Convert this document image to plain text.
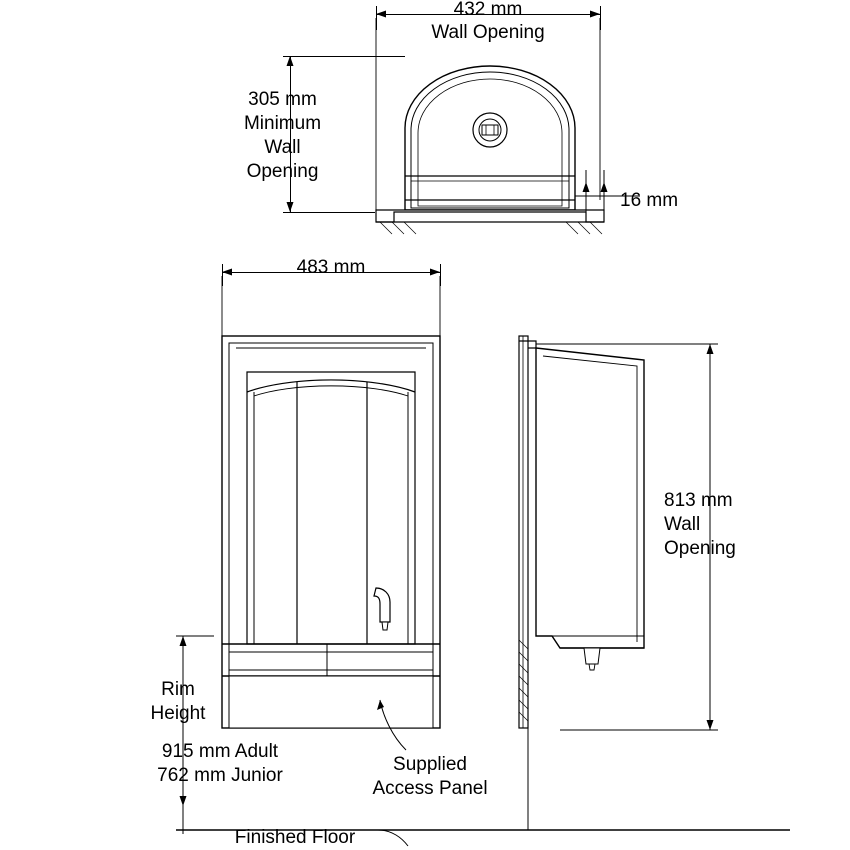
432 mm
Wall Opening
305 mm
Minimum
Wall
Opening
16 mm
483 mm
Rim
Height
915 mm Adult
762 mm Junior
Supplied
Access Panel
Finished Floor
813 mm
Wall
Opening
